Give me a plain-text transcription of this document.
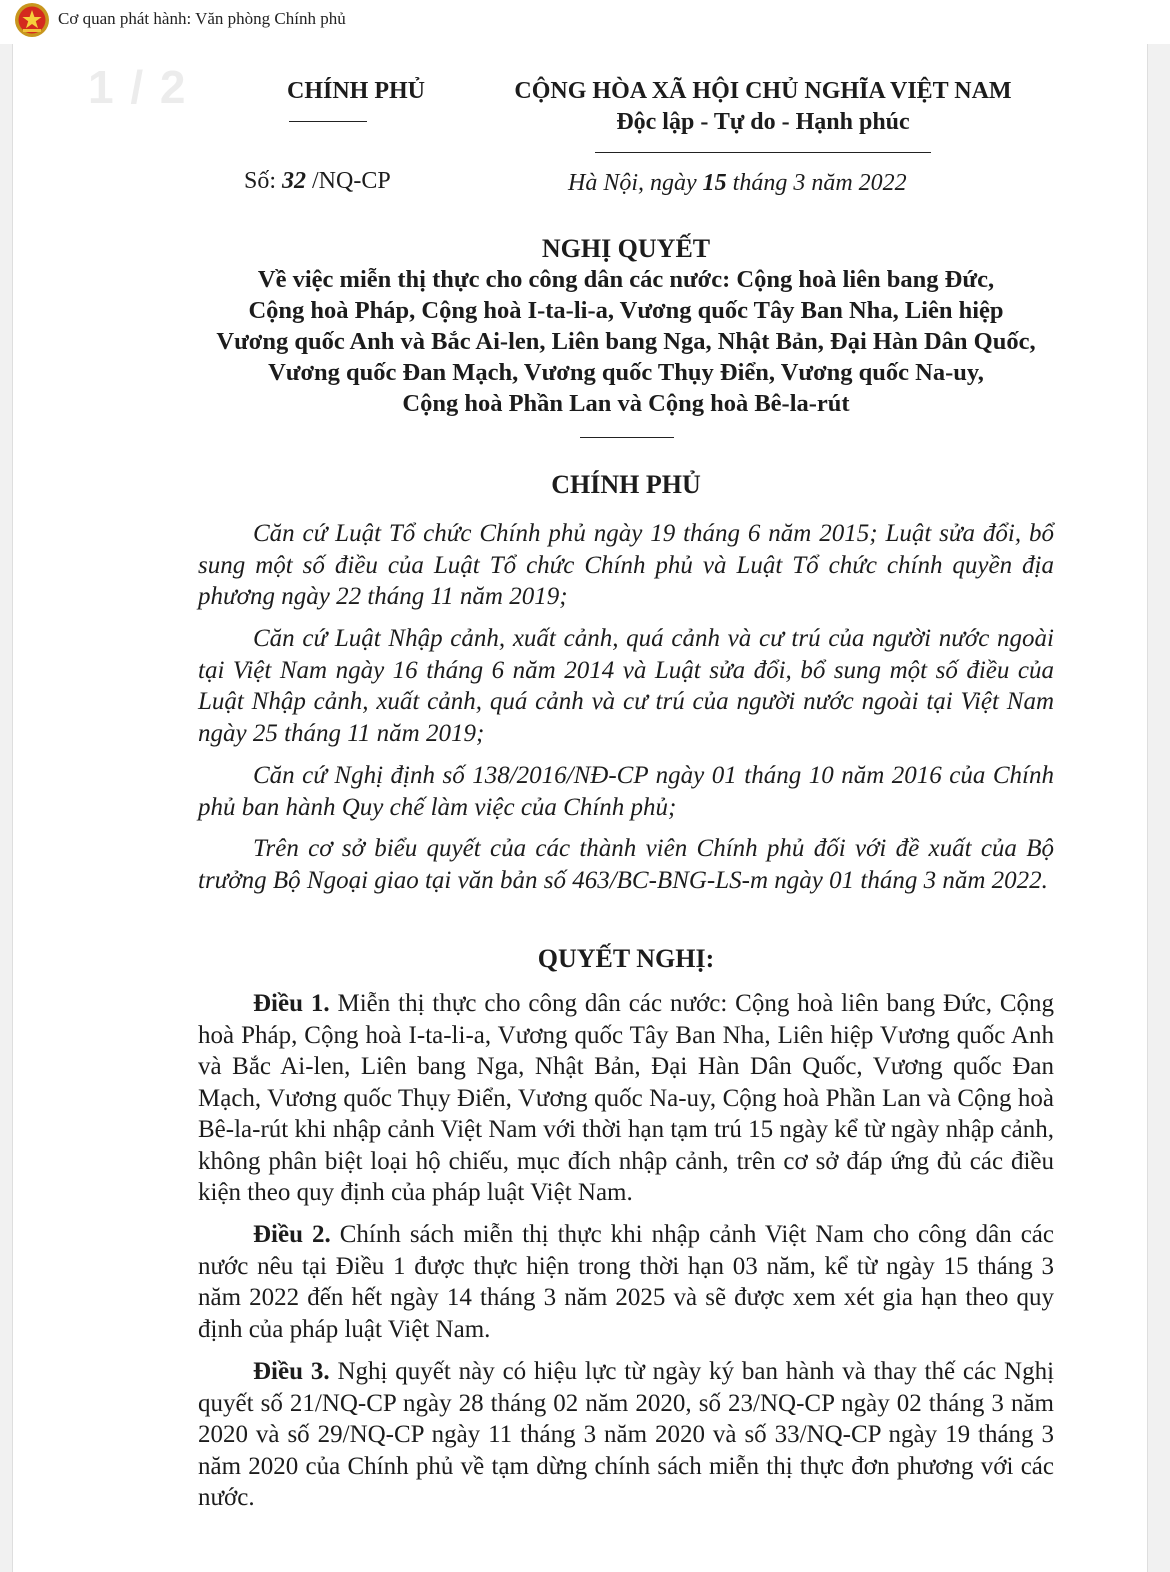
Cơ quan phát hành: Văn phòng Chính phủ
1 / 2	CHÍNH PHỦ	CỘNG HÒA XÃ HỘI CHỦ NGHĨA VIỆT NAM
Độc lập - Tự do - Hạnh phúc
Số: 32 /NQ-CP	Hà Nội, ngày 15 tháng 3 năm 2022
NGHỊ QUYẾT
Về việc miễn thị thực cho công dân các nước: Cộng hoà liên bang Đức,
Cộng hoà Pháp, Cộng hoà I-ta-li-a, Vương quốc Tây Ban Nha, Liên hiệp
Vương quốc Anh và Bắc Ai-len, Liên bang Nga, Nhật Bản, Đại Hàn Dân Quốc,
Vương quốc Đan Mạch, Vương quốc Thụy Điển, Vương quốc Na-uy,
Cộng hoà Phần Lan và Cộng hoà Bê-la-rút
CHÍNH PHỦ
Căn cứ Luật Tổ chức Chính phủ ngày 19 tháng 6 năm 2015; Luật sửa đổi, bổ sung một số điều của Luật Tổ chức Chính phủ và Luật Tổ chức chính quyền địa phương ngày 22 tháng 11 năm 2019;
Căn cứ Luật Nhập cảnh, xuất cảnh, quá cảnh và cư trú của người nước ngoài tại Việt Nam ngày 16 tháng 6 năm 2014 và Luật sửa đổi, bổ sung một số điều của Luật Nhập cảnh, xuất cảnh, quá cảnh và cư trú của người nước ngoài tại Việt Nam ngày 25 tháng 11 năm 2019;
Căn cứ Nghị định số 138/2016/NĐ-CP ngày 01 tháng 10 năm 2016 của Chính phủ ban hành Quy chế làm việc của Chính phủ;
Trên cơ sở biểu quyết của các thành viên Chính phủ đối với đề xuất của Bộ trưởng Bộ Ngoại giao tại văn bản số 463/BC-BNG-LS-m ngày 01 tháng 3 năm 2022.
QUYẾT NGHỊ:
Điều 1. Miễn thị thực cho công dân các nước: Cộng hoà liên bang Đức, Cộng hoà Pháp, Cộng hoà I-ta-li-a, Vương quốc Tây Ban Nha, Liên hiệp Vương quốc Anh và Bắc Ai-len, Liên bang Nga, Nhật Bản, Đại Hàn Dân Quốc, Vương quốc Đan Mạch, Vương quốc Thụy Điển, Vương quốc Na-uy, Cộng hoà Phần Lan và Cộng hoà Bê-la-rút khi nhập cảnh Việt Nam với thời hạn tạm trú 15 ngày kể từ ngày nhập cảnh, không phân biệt loại hộ chiếu, mục đích nhập cảnh, trên cơ sở đáp ứng đủ các điều kiện theo quy định của pháp luật Việt Nam.
Điều 2. Chính sách miễn thị thực khi nhập cảnh Việt Nam cho công dân các nước nêu tại Điều 1 được thực hiện trong thời hạn 03 năm, kể từ ngày 15 tháng 3 năm 2022 đến hết ngày 14 tháng 3 năm 2025 và sẽ được xem xét gia hạn theo quy định của pháp luật Việt Nam.
Điều 3. Nghị quyết này có hiệu lực từ ngày ký ban hành và thay thế các Nghị quyết số 21/NQ-CP ngày 28 tháng 02 năm 2020, số 23/NQ-CP ngày 02 tháng 3 năm 2020 và số 29/NQ-CP ngày 11 tháng 3 năm 2020 và số 33/NQ-CP ngày 19 tháng 3 năm 2020 của Chính phủ về tạm dừng chính sách miễn thị thực đơn phương với các nước.
